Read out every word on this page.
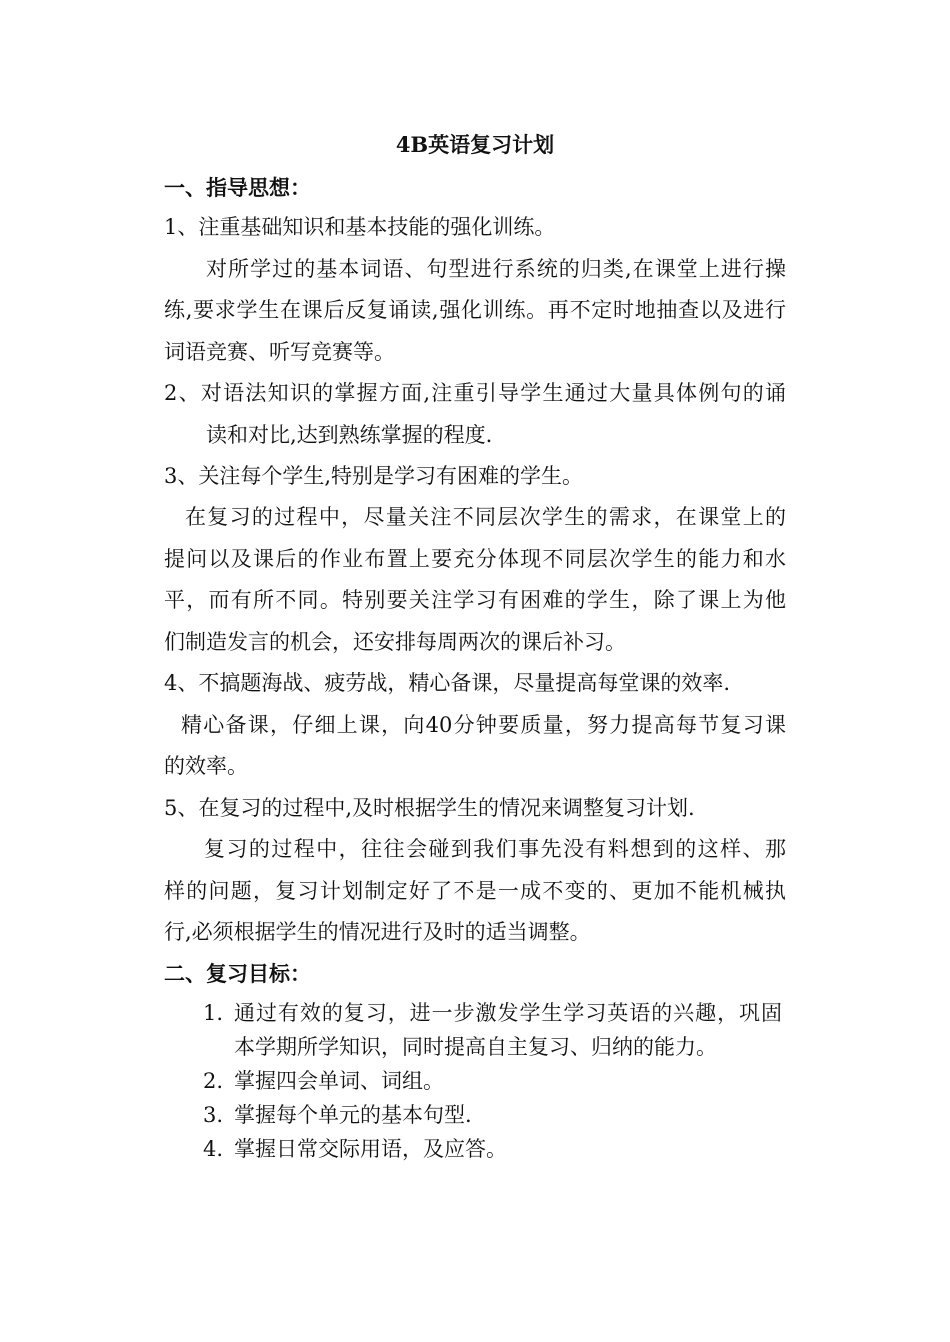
4B英语复习计划
一、指导思想：
1、注重基础知识和基本技能的强化训练。
对所学过的基本词语、句型进行系统的归类,在课堂上进行操
练,要求学生在课后反复诵读,强化训练。再不定时地抽查以及进行
词语竞赛、听写竞赛等。
2、对语法知识的掌握方面,注重引导学生通过大量具体例句的诵
读和对比,达到熟练掌握的程度.
3、关注每个学生,特别是学习有困难的学生。
在复习的过程中，尽量关注不同层次学生的需求，在课堂上的
提问以及课后的作业布置上要充分体现不同层次学生的能力和水
平，而有所不同。特别要关注学习有困难的学生，除了课上为他
们制造发言的机会，还安排每周两次的课后补习。
4、不搞题海战、疲劳战，精心备课，尽量提高每堂课的效率.
精心备课，仔细上课，向40分钟要质量，努力提高每节复习课
的效率。
5、在复习的过程中,及时根据学生的情况来调整复习计划.
复习的过程中，往往会碰到我们事先没有料想到的这样、那
样的问题，复习计划制定好了不是一成不变的、更加不能机械执
行,必须根据学生的情况进行及时的适当调整。
二、复习目标：
1. 通过有效的复习，进一步激发学生学习英语的兴趣，巩固
本学期所学知识，同时提高自主复习、归纳的能力。
2. 掌握四会单词、词组。
3. 掌握每个单元的基本句型.
4. 掌握日常交际用语，及应答。
